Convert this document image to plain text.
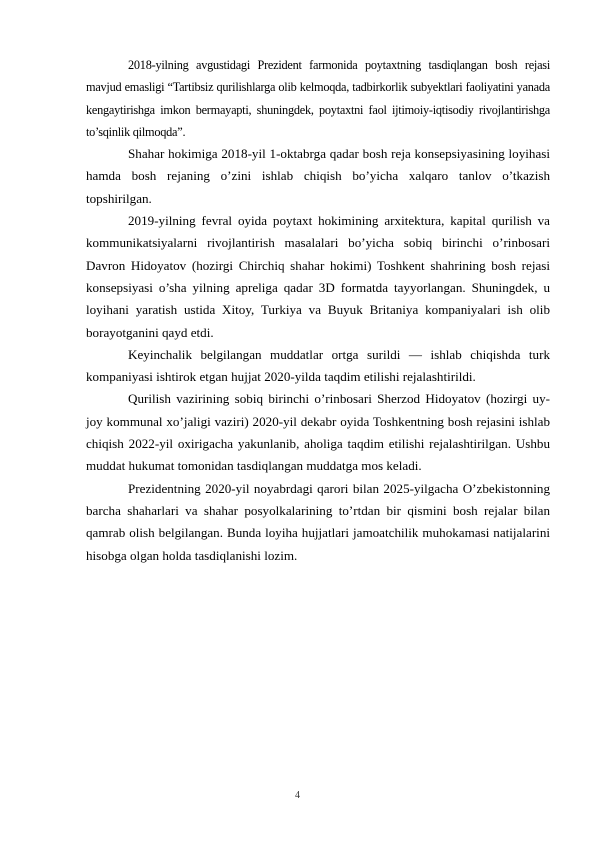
2018-yilning avgustidagi Prezident farmonida poytaxtning tasdiqlangan bosh rejasi mavjud emasligi “Tartibsiz qurilishlarga olib kelmoqda, tadbirkorlik subyektlari faoliyatini yanada kengaytirishga imkon bermayapti, shuningdek, poytaxtni faol ijtimoiy-iqtisodiy rivojlantirishga to’sqinlik qilmoqda”.

Shahar hokimiga 2018-yil 1-oktabrga qadar bosh reja konsepsiyasining loyihasi hamda bosh rejaning o’zini ishlab chiqish bo’yicha xalqaro tanlov o’tkazish topshirilgan.

2019-yilning fevral oyida poytaxt hokimining arxitektura, kapital qurilish va kommunikatsiyalarni rivojlantirish masalalari bo’yicha sobiq birinchi o’rinbosari Davron Hidoyatov (hozirgi Chirchiq shahar hokimi) Toshkent shahrining bosh rejasi konsepsiyasi o’sha yilning apreliga qadar 3D formatda tayyorlangan. Shuningdek, u loyihani yaratish ustida Xitoy, Turkiya va Buyuk Britaniya kompaniyalari ish olib borayotganini qayd etdi.

Keyinchalik belgilangan muddatlar ortga surildi — ishlab chiqishda turk kompaniyasi ishtirok etgan hujjat 2020-yilda taqdim etilishi rejalashtirildi.

Qurilish vazirining sobiq birinchi o’rinbosari Sherzod Hidoyatov (hozirgi uy-joy kommunal xo’jaligi vaziri) 2020-yil dekabr oyida Toshkentning bosh rejasini ishlab chiqish 2022-yil oxirigacha yakunlanib, aholiga taqdim etilishi rejalashtirilgan. Ushbu muddat hukumat tomonidan tasdiqlangan muddatga mos keladi.

Prezidentning 2020-yil noyabrdagi qarori bilan 2025-yilgacha O’zbekistonning barcha shaharlari va shahar posyolkalarining to’rtdan bir qismini bosh rejalar bilan qamrab olish belgilangan. Bunda loyiha hujjatlari jamoatchilik muhokamasi natijalarini hisobga olgan holda tasdiqlanishi lozim.

4
